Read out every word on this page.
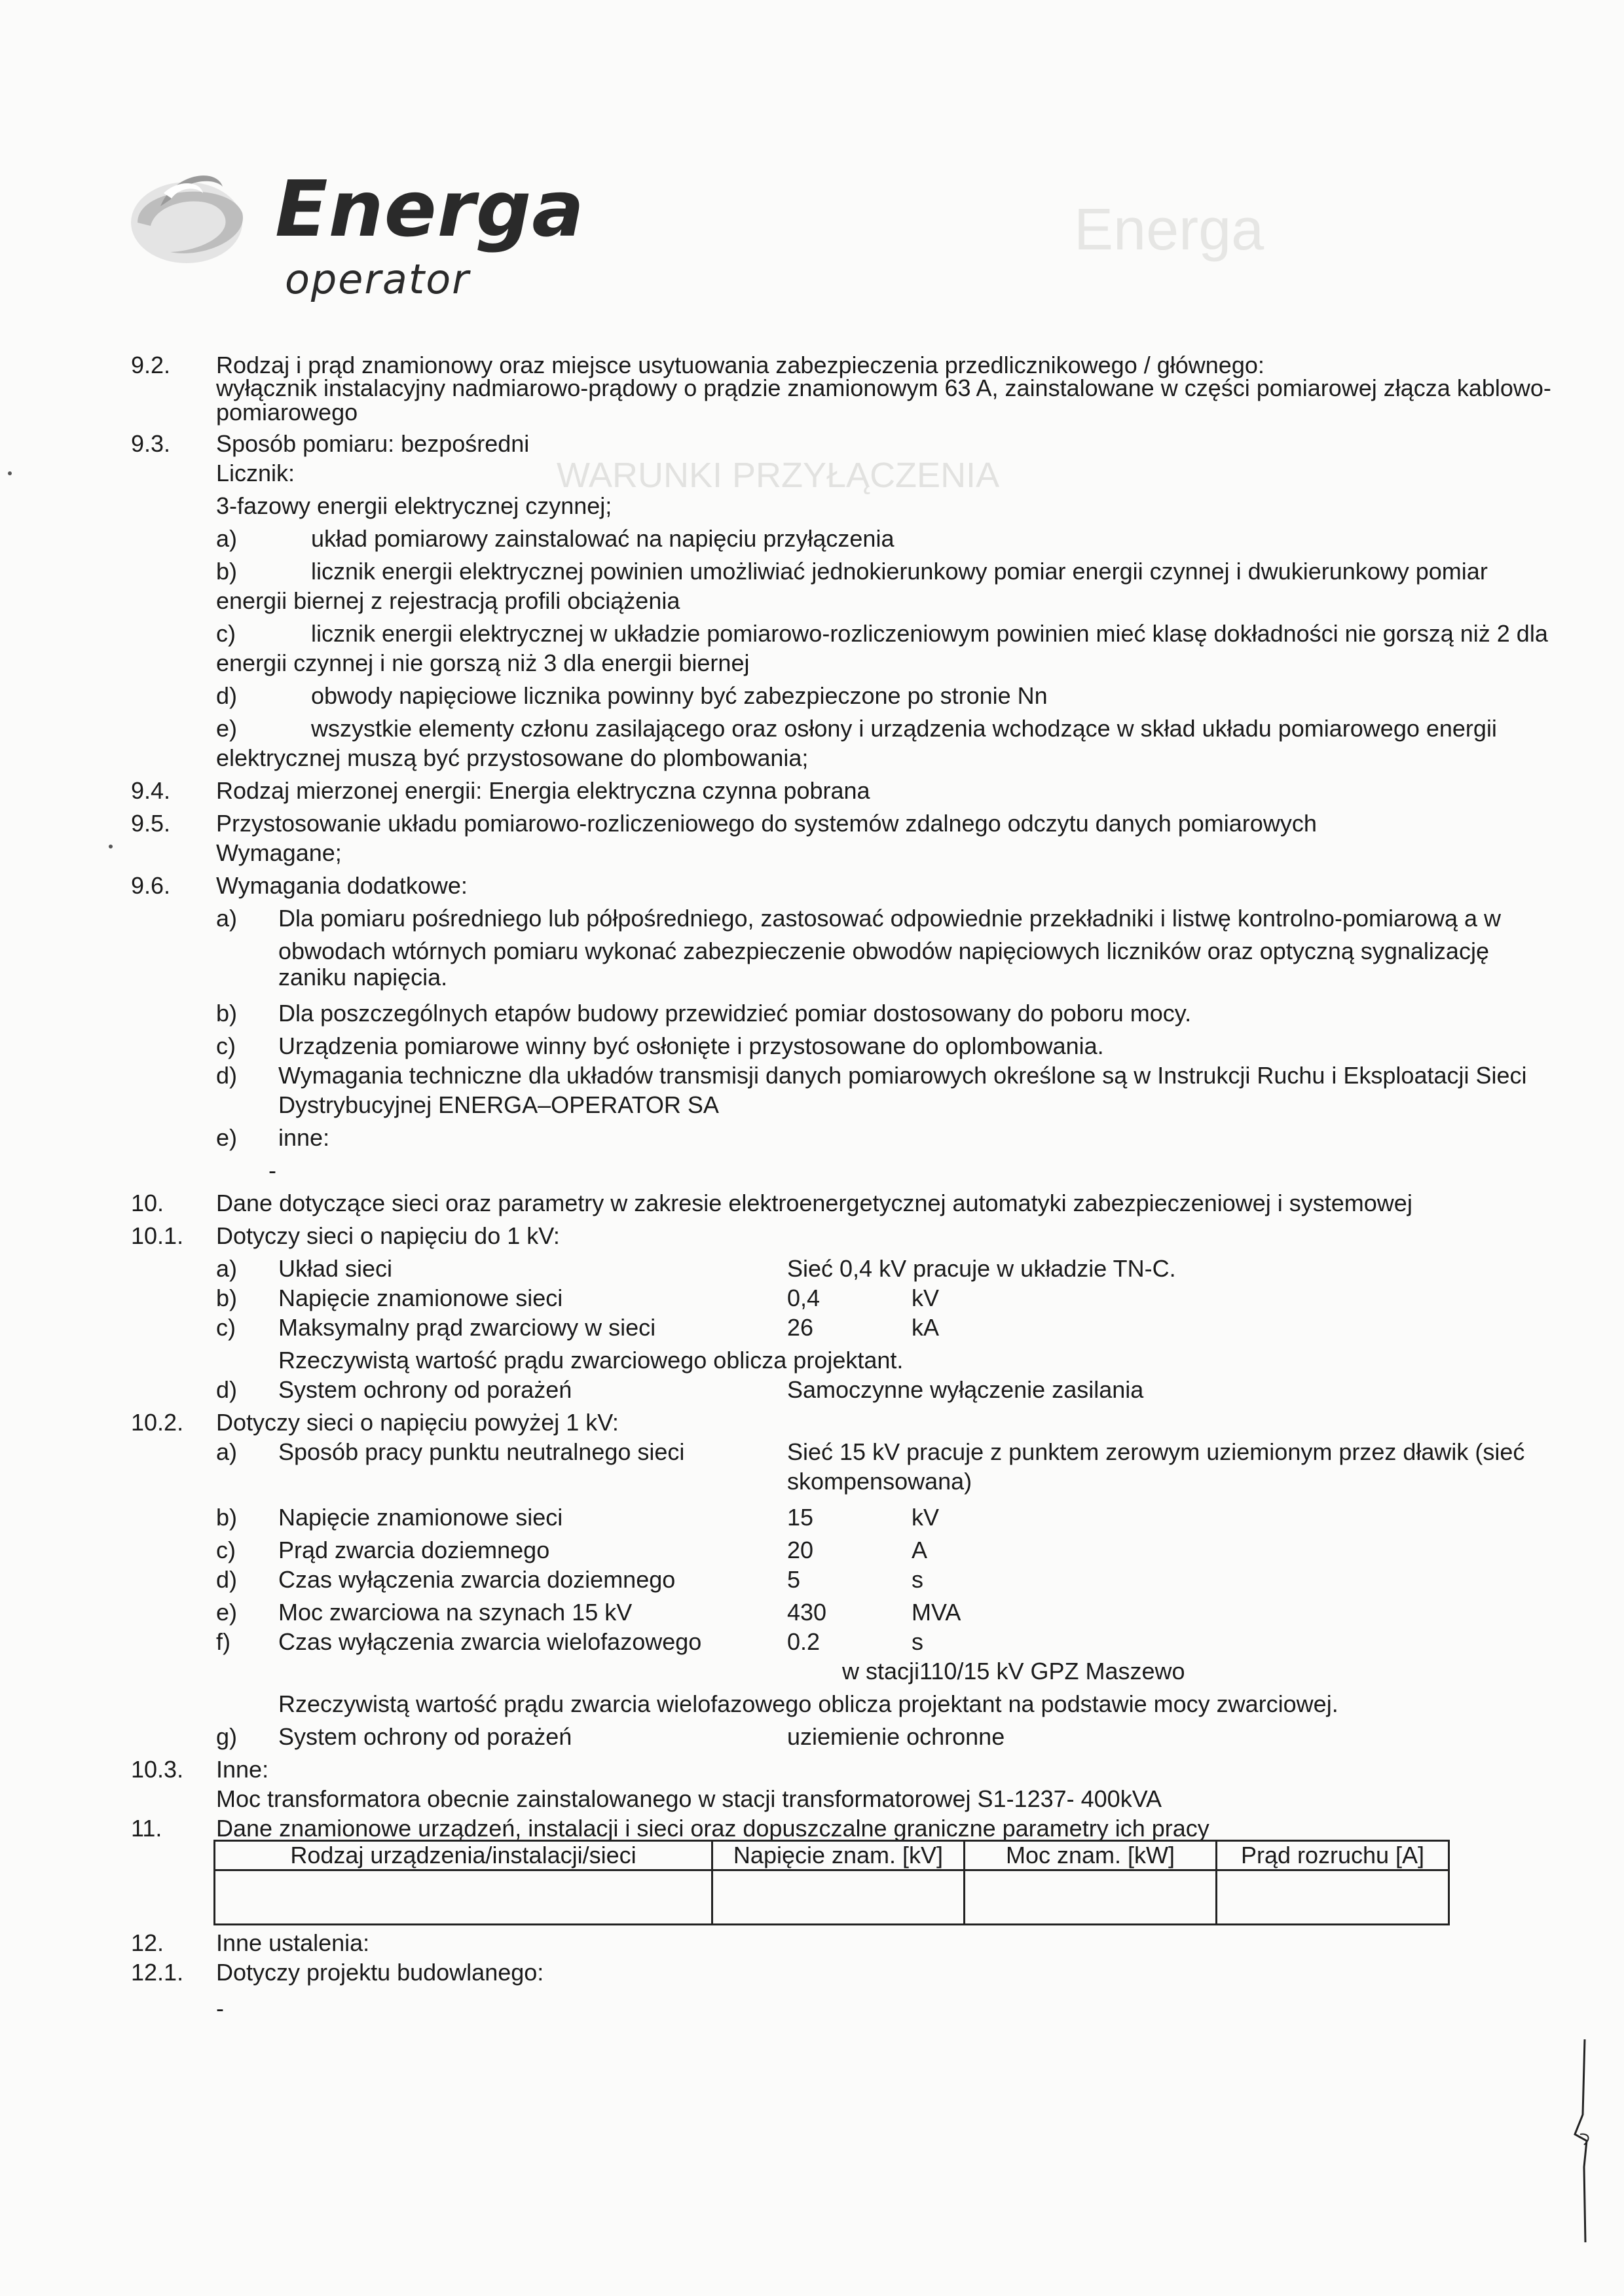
Energa
operator
Energa
WARUNKI PRZYŁĄCZENIA
9.2. Rodzaj i prąd znamionowy oraz miejsce usytuowania zabezpieczenia przedlicznikowego / głównego:
wyłącznik instalacyjny nadmiarowo-prądowy o prądzie znamionowym 63 A, zainstalowane w części pomiarowej złącza kablowo-
pomiarowego
9.3. Sposób pomiaru: bezpośredni
Licznik:
3-fazowy energii elektrycznej czynnej;
a)	układ pomiarowy zainstalować na napięciu przyłączenia
b)	licznik energii elektrycznej powinien umożliwiać jednokierunkowy pomiar energii czynnej i dwukierunkowy pomiar
energii biernej z rejestracją profili obciążenia
c)	licznik energii elektrycznej w układzie pomiarowo-rozliczeniowym powinien mieć klasę dokładności nie gorszą niż 2 dla
energii czynnej i nie gorszą niż 3 dla energii biernej
d)	obwody napięciowe licznika powinny być zabezpieczone po stronie Nn
e)	wszystkie elementy członu zasilającego oraz osłony i urządzenia wchodzące w skład układu pomiarowego energii
elektrycznej muszą być przystosowane do plombowania;
9.4. Rodzaj mierzonej energii: Energia elektryczna czynna pobrana
9.5. Przystosowanie układu pomiarowo-rozliczeniowego do systemów zdalnego odczytu danych pomiarowych
Wymagane;
9.6. Wymagania dodatkowe:
a) Dla pomiaru pośredniego lub półpośredniego, zastosować odpowiednie przekładniki i listwę kontrolno-pomiarową a w
obwodach wtórnych pomiaru wykonać zabezpieczenie obwodów napięciowych liczników oraz optyczną sygnalizację
zaniku napięcia.
b) Dla poszczególnych etapów budowy przewidzieć pomiar dostosowany do poboru mocy.
c) Urządzenia pomiarowe winny być osłonięte i przystosowane do oplombowania.
d) Wymagania techniczne dla układów transmisji danych pomiarowych określone są w Instrukcji Ruchu i Eksploatacji Sieci
Dystrybucyjnej ENERGA–OPERATOR SA
e) inne:
-
10. Dane dotyczące sieci oraz parametry w zakresie elektroenergetycznej automatyki zabezpieczeniowej i systemowej
10.1. Dotyczy sieci o napięciu do 1 kV:
a) Układ sieci	Sieć 0,4 kV pracuje w układzie TN-C.
b) Napięcie znamionowe sieci	0,4	kV
c) Maksymalny prąd zwarciowy w sieci	26	kA
Rzeczywistą wartość prądu zwarciowego oblicza projektant.
d) System ochrony od porażeń	Samoczynne wyłączenie zasilania
10.2. Dotyczy sieci o napięciu powyżej 1 kV:
a) Sposób pracy punktu neutralnego sieci	Sieć 15 kV pracuje z punktem zerowym uziemionym przez dławik (sieć
skompensowana)
b) Napięcie znamionowe sieci	15	kV
c) Prąd zwarcia doziemnego	20	A
d) Czas wyłączenia zwarcia doziemnego	5	s
e) Moc zwarciowa na szynach 15 kV	430	MVA
f) Czas wyłączenia zwarcia wielofazowego	0.2	s
w stacji110/15 kV GPZ Maszewo
Rzeczywistą wartość prądu zwarcia wielofazowego oblicza projektant na podstawie mocy zwarciowej.
g) System ochrony od porażeń	uziemienie ochronne
10.3. Inne:
Moc transformatora obecnie zainstalowanego w stacji transformatorowej S1-1237- 400kVA
11. Dane znamionowe urządzeń, instalacji i sieci oraz dopuszczalne graniczne parametry ich pracy
Rodzaj urządzenia/instalacji/sieci	Napięcie znam. [kV]	Moc znam. [kW]	Prąd rozruchu [A]

12. Inne ustalenia:
12.1. Dotyczy projektu budowlanego:
-
